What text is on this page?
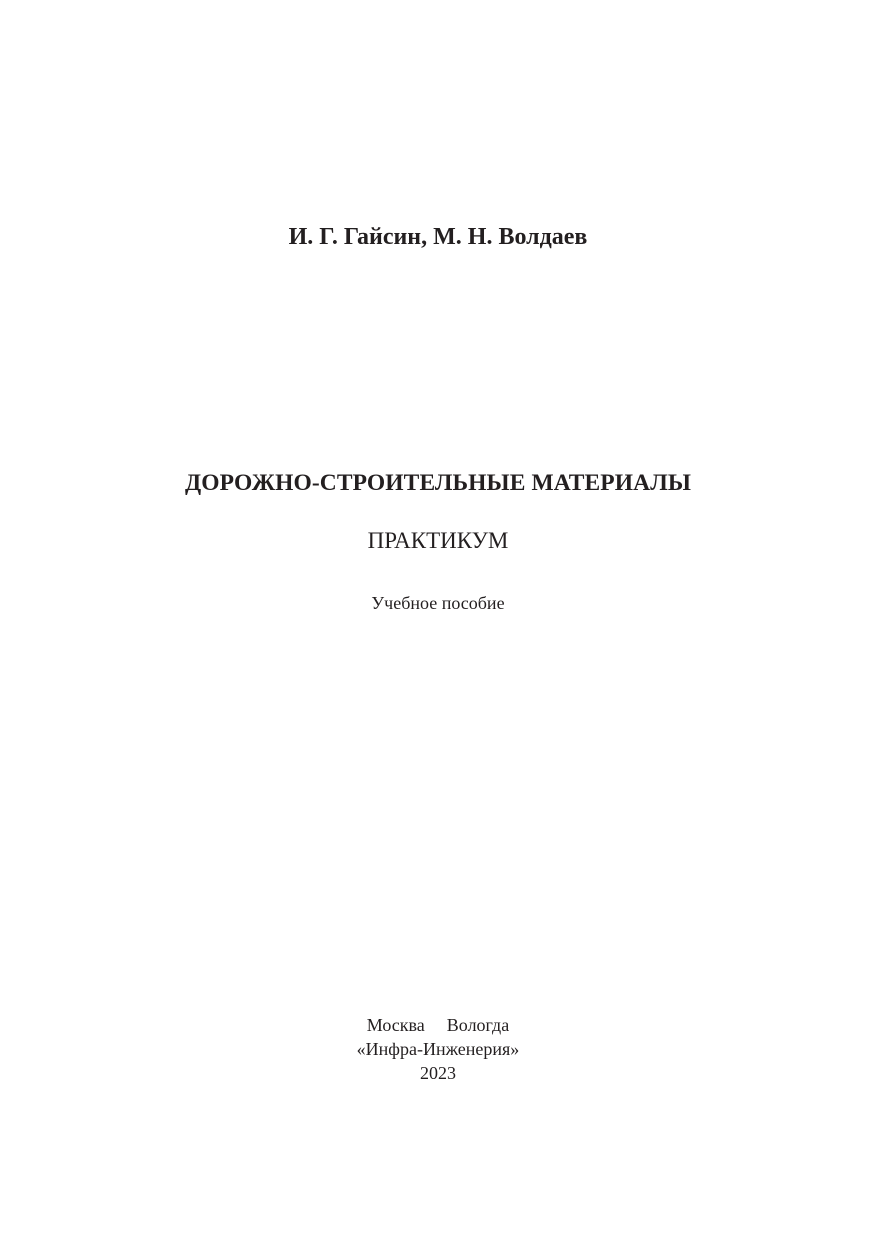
И. Г. Гайсин, М. Н. Волдаев
ДОРОЖНО-СТРОИТЕЛЬНЫЕ МАТЕРИАЛЫ
ПРАКТИКУМ
Учебное пособие
Москва Вологда
«Инфра-Инженерия»
2023
